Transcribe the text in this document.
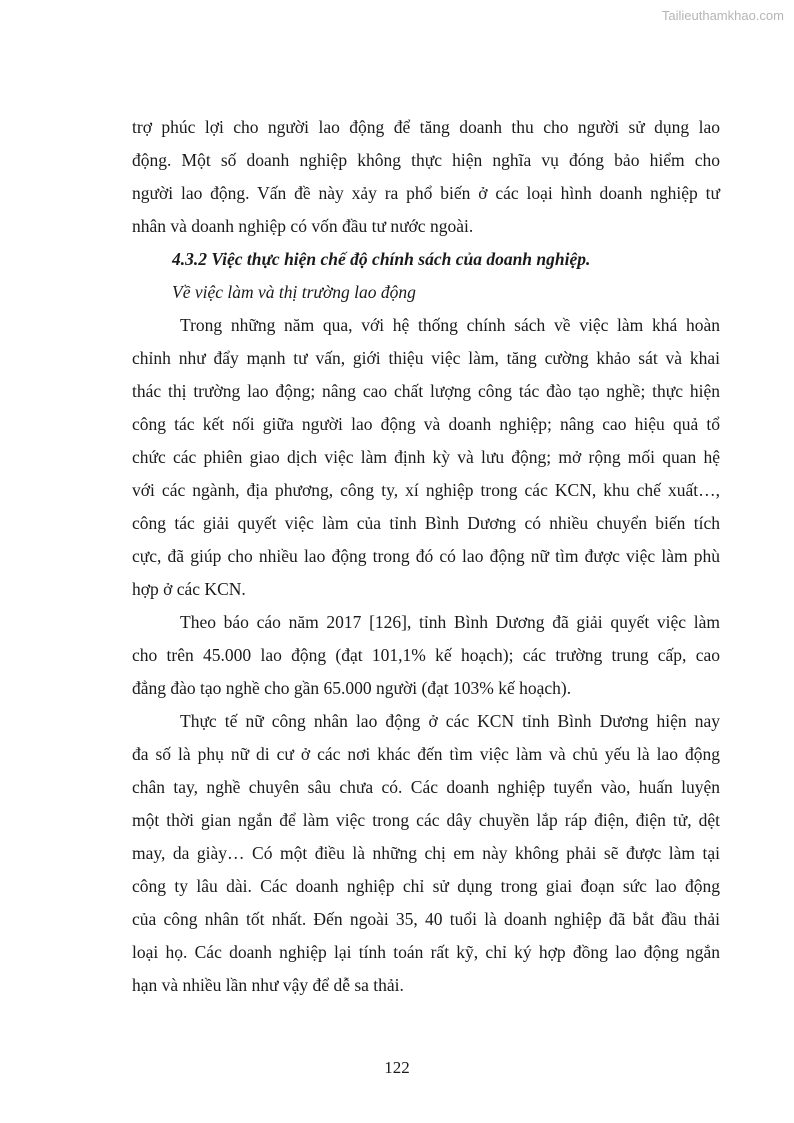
Tailieuthamkhao.com
trợ phúc lợi cho người lao động để tăng doanh thu cho người sử dụng lao
động. Một số doanh nghiệp không thực hiện nghĩa vụ đóng bảo hiểm cho
người lao động. Vấn đề này xảy ra phổ biến ở các loại hình doanh nghiệp tư
nhân và doanh nghiệp có vốn đầu tư nước ngoài.
4.3.2 Việc thực hiện chế độ chính sách của doanh nghiệp.
Về việc làm và thị trường lao động
Trong những năm qua, với hệ thống chính sách về việc làm khá hoàn
chỉnh như đẩy mạnh tư vấn, giới thiệu việc làm, tăng cường khảo sát và khai
thác thị trường lao động; nâng cao chất lượng công tác đào tạo nghề; thực hiện
công tác kết nối giữa người lao động và doanh nghiệp; nâng cao hiệu quả tổ
chức các phiên giao dịch việc làm định kỳ và lưu động; mở rộng mối quan hệ
với các ngành, địa phương, công ty, xí nghiệp trong các KCN, khu chế xuất…,
công tác giải quyết việc làm của tỉnh Bình Dương có nhiều chuyển biến tích
cực, đã giúp cho nhiều lao động trong đó có lao động nữ tìm được việc làm phù
hợp ở các KCN.
Theo báo cáo năm 2017 [126], tỉnh Bình Dương đã giải quyết việc làm
cho trên 45.000 lao động (đạt 101,1% kế hoạch); các trường trung cấp, cao
đẳng đào tạo nghề cho gần 65.000 người (đạt 103% kế hoạch).
Thực tế nữ công nhân lao động ở các KCN tỉnh Bình Dương hiện nay
đa số là phụ nữ di cư ở các nơi khác đến tìm việc làm và chủ yếu là lao động
chân tay, nghề chuyên sâu chưa có. Các doanh nghiệp tuyển vào, huấn luyện
một thời gian ngắn để làm việc trong các dây chuyền lắp ráp điện, điện tử, dệt
may, da giày… Có một điều là những chị em này không phải sẽ được làm tại
công ty lâu dài. Các doanh nghiệp chỉ sử dụng trong giai đoạn sức lao động
của công nhân tốt nhất. Đến ngoài 35, 40 tuổi là doanh nghiệp đã bắt đầu thải
loại họ. Các doanh nghiệp lại tính toán rất kỹ, chỉ ký hợp đồng lao động ngắn
hạn và nhiều lần như vậy để dễ sa thải.
122
